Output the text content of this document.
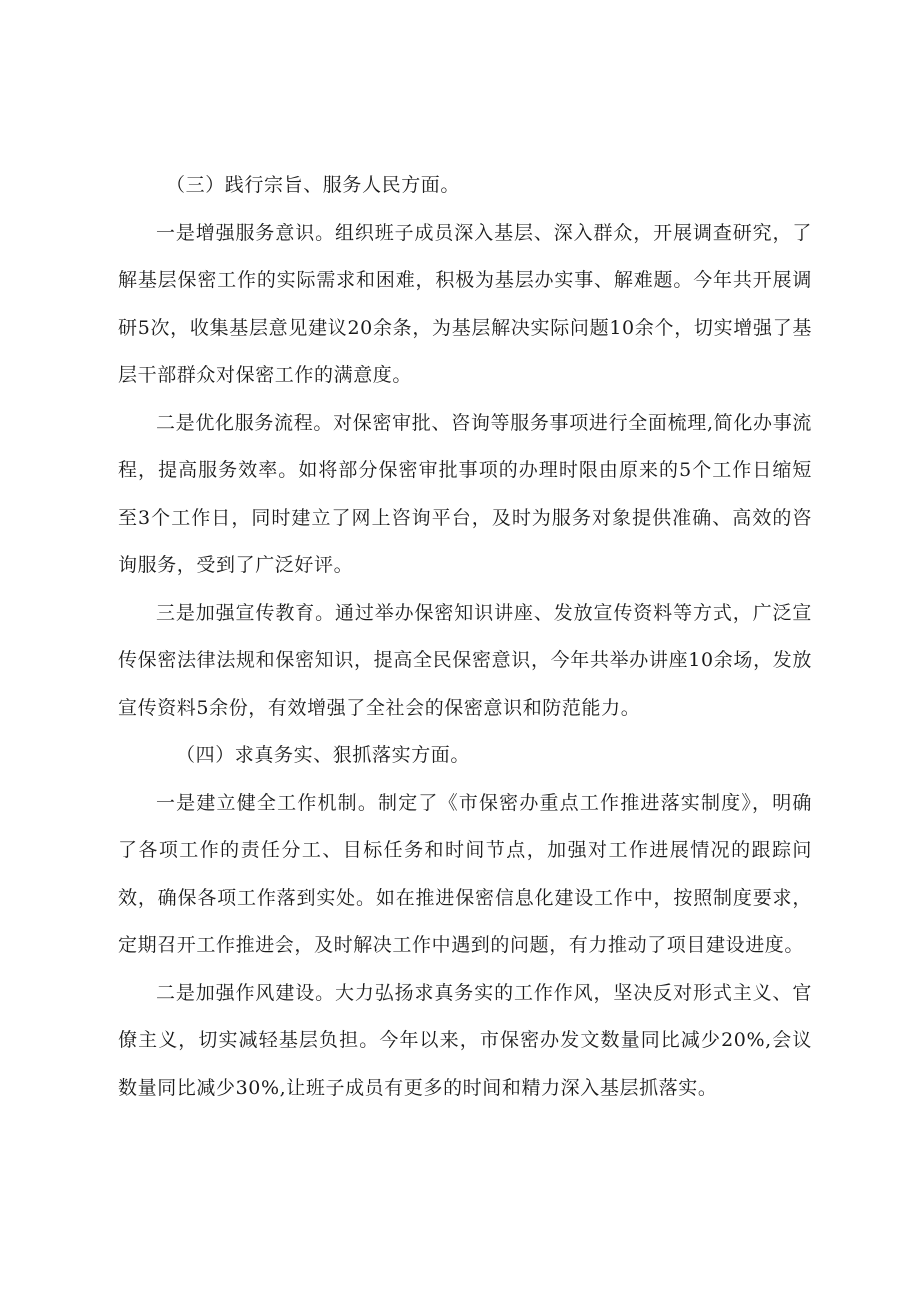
（三）践行宗旨、服务人民方面。

一是增强服务意识。组织班子成员深入基层、深入群众，开展调查研究，了解基层保密工作的实际需求和困难，积极为基层办实事、解难题。今年共开展调研5次，收集基层意见建议20余条，为基层解决实际问题10余个，切实增强了基层干部群众对保密工作的满意度。

二是优化服务流程。对保密审批、咨询等服务事项进行全面梳理,简化办事流程，提高服务效率。如将部分保密审批事项的办理时限由原来的5个工作日缩短至3个工作日，同时建立了网上咨询平台，及时为服务对象提供准确、高效的咨询服务，受到了广泛好评。

三是加强宣传教育。通过举办保密知识讲座、发放宣传资料等方式，广泛宣传保密法律法规和保密知识，提高全民保密意识，今年共举办讲座10余场，发放宣传资料5余份，有效增强了全社会的保密意识和防范能力。

（四）求真务实、狠抓落实方面。

一是建立健全工作机制。制定了《市保密办重点工作推进落实制度》，明确了各项工作的责任分工、目标任务和时间节点，加强对工作进展情况的跟踪问效，确保各项工作落到实处。如在推进保密信息化建设工作中，按照制度要求，定期召开工作推进会，及时解决工作中遇到的问题，有力推动了项目建设进度。

二是加强作风建设。大力弘扬求真务实的工作作风，坚决反对形式主义、官僚主义，切实减轻基层负担。今年以来，市保密办发文数量同比减少20%,会议数量同比减少30%,让班子成员有更多的时间和精力深入基层抓落实。
